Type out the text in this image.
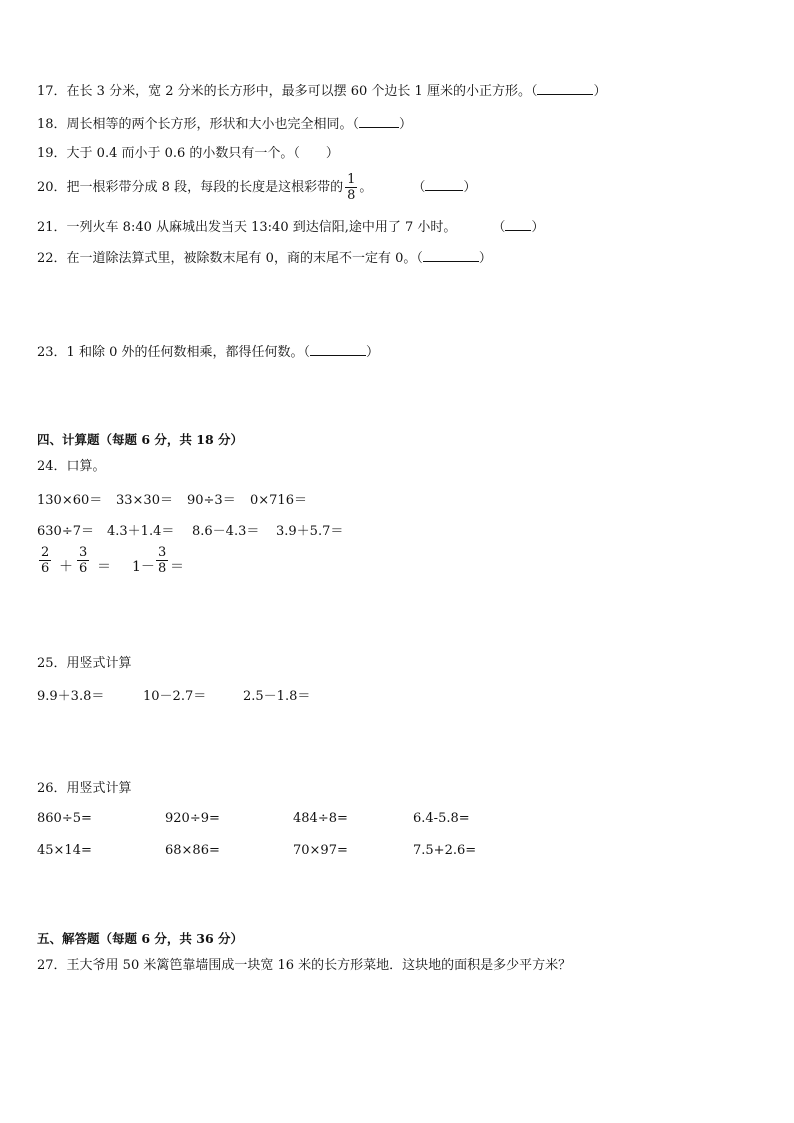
17．在长 3 分米，宽 2 分米的长方形中，最多可以摆 60 个边长 1 厘米的小正方形。（	）
18．周长相等的两个长方形，形状和大小也完全相同。（	）
19．大于 0.4 而小于 0.6 的小数只有一个。（ ）
20．把一根彩带分成 8 段，每段的长度是这根彩带的 $\frac{1}{8}$ 。	（	）
21．一列火车 8:40 从麻城出发当天 13:40 到达信阳,途中用了 7 小时。	（ ）
22．在一道除法算式里，被除数末尾有 0，商的末尾不一定有 0。（	）
23．1 和除 0 外的任何数相乘，都得任何数。（	）
四、计算题（每题 6 分，共 18 分）
24．口算。
130×60＝ 33×30＝ 90÷3＝ 0×716＝
630÷7＝ 4.3＋1.4＝ 8.6－4.3＝ 3.9＋5.7＝
2
6 ＋
3
6 ＝ 1－
3
8 ＝
25．用竖式计算
9.9＋3.8＝	10－2.7＝	2.5－1.8＝
26．用竖式计算
860÷5=	920÷9=	484÷8=	6.4-5.8=
45×14=	68×86=	70×97=	7.5+2.6=
五、解答题（每题 6 分，共 36 分）
27．王大爷用 50 米篱笆靠墙围成一块宽 16 米的长方形菜地．这块地的面积是多少平方米？
